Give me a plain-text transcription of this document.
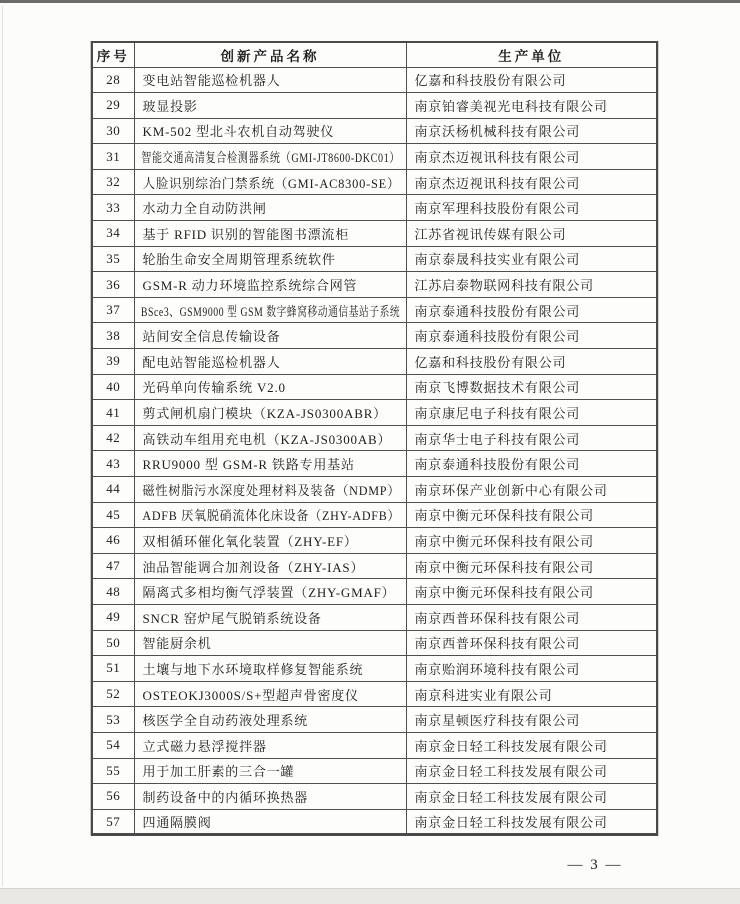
序号	创新产品名称	生产单位
28	变电站智能巡检机器人	亿嘉和科技股份有限公司
29	玻显投影	南京铂睿美视光电科技有限公司
30	KM-502 型北斗农机自动驾驶仪	南京沃杨机械科技有限公司
31	智能交通高清复合检测器系统（GMI-JT8600-DKC01）	南京杰迈视讯科技有限公司
32	人脸识别综治门禁系统（GMI-AC8300-SE）	南京杰迈视讯科技有限公司
33	水动力全自动防洪闸	南京军理科技股份有限公司
34	基于 RFID 识别的智能图书漂流柜	江苏省视讯传媒有限公司
35	轮胎生命安全周期管理系统软件	南京泰晟科技实业有限公司
36	GSM-R 动力环境监控系统综合网管	江苏启泰物联网科技有限公司
37	BSce3、GSM9000 型 GSM 数字蜂窝移动通信基站子系统	南京泰通科技股份有限公司
38	站间安全信息传输设备	南京泰通科技股份有限公司
39	配电站智能巡检机器人	亿嘉和科技股份有限公司
40	光码单向传输系统 V2.0	南京飞博数据技术有限公司
41	剪式闸机扇门模块（KZA-JS0300ABR）	南京康尼电子科技有限公司
42	高铁动车组用充电机（KZA-JS0300AB）	南京华士电子科技有限公司
43	RRU9000 型 GSM-R 铁路专用基站	南京泰通科技股份有限公司
44	磁性树脂污水深度处理材料及装备（NDMP）	南京环保产业创新中心有限公司
45	ADFB 厌氧脱硝流体化床设备（ZHY-ADFB）	南京中衡元环保科技有限公司
46	双相循环催化氧化装置（ZHY-EF）	南京中衡元环保科技有限公司
47	油品智能调合加剂设备（ZHY-IAS）	南京中衡元环保科技有限公司
48	隔离式多相均衡气浮装置（ZHY-GMAF）	南京中衡元环保科技有限公司
49	SNCR 窑炉尾气脱销系统设备	南京西普环保科技有限公司
50	智能厨余机	南京西普环保科技有限公司
51	土壤与地下水环境取样修复智能系统	南京贻润环境科技有限公司
52	OSTEOKJ3000S/S+型超声骨密度仪	南京科进实业有限公司
53	核医学全自动药液处理系统	南京星顿医疗科技有限公司
54	立式磁力悬浮搅拌器	南京金日轻工科技发展有限公司
55	用于加工肝素的三合一罐	南京金日轻工科技发展有限公司
56	制药设备中的内循环换热器	南京金日轻工科技发展有限公司
57	四通隔膜阀	南京金日轻工科技发展有限公司
— 3 —
